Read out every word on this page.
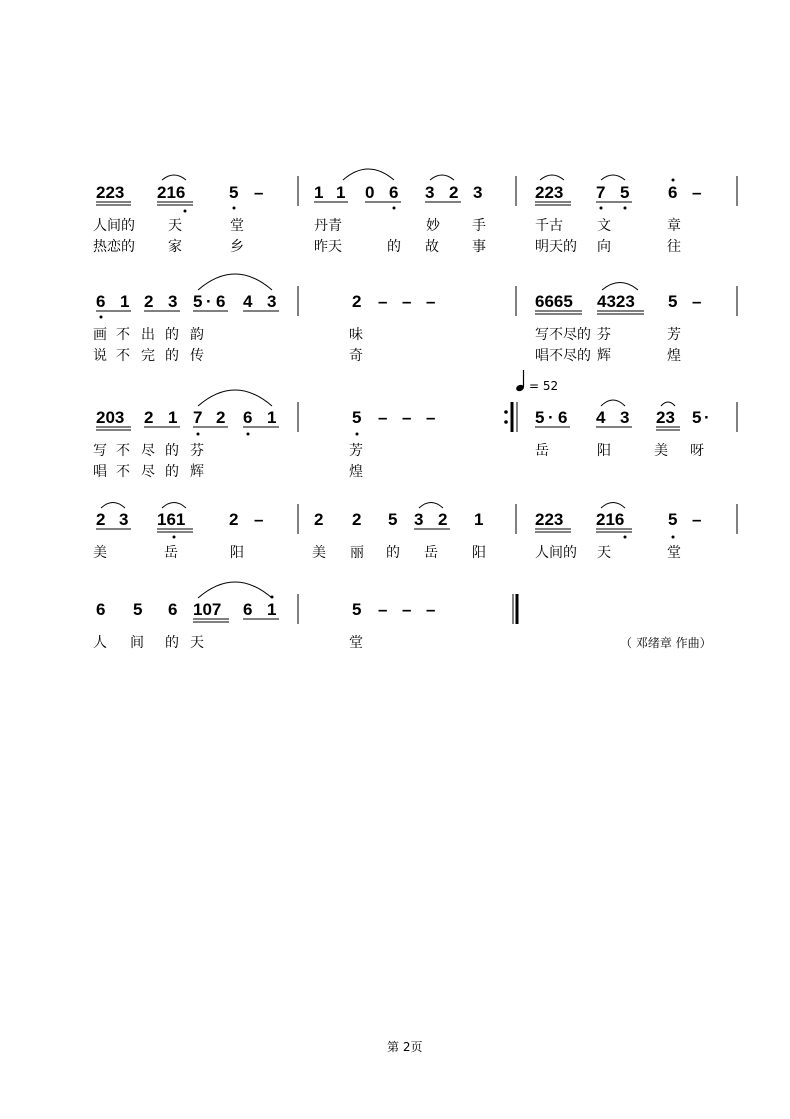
223 216	5 –	1 1 0 6 3 2 3	223 7 5 6 –
人间的 天	堂	丹青	妙 手	千古 文	章
热恋的 家	乡	昨天	的 故 事	明天的 向	往
6 1 2 3 5 · 6 4 3	2 – – –	6665 4323 5 –
画 不 出 的 韵	味	写不尽的 芬	芳
说 不 完 的 传	奇	唱不尽的 辉	煌
= 52
203 2 1 7 2 6 1	5 – – –	5 · 6 4 3 23 5 ·
写 不 尽 的 芬	芳	岳	阳	美 呀
唱 不 尽 的 辉	煌
2 3 161	2 –	2 2 5 3 2 1	223 216	5 –
美	岳	阳	美 丽 的 岳 阳	人间的 天	堂
6 5 6 107 6 1	5 – – –
人 间 的 天	堂	（ 邓绪章 作曲）
第 2页
